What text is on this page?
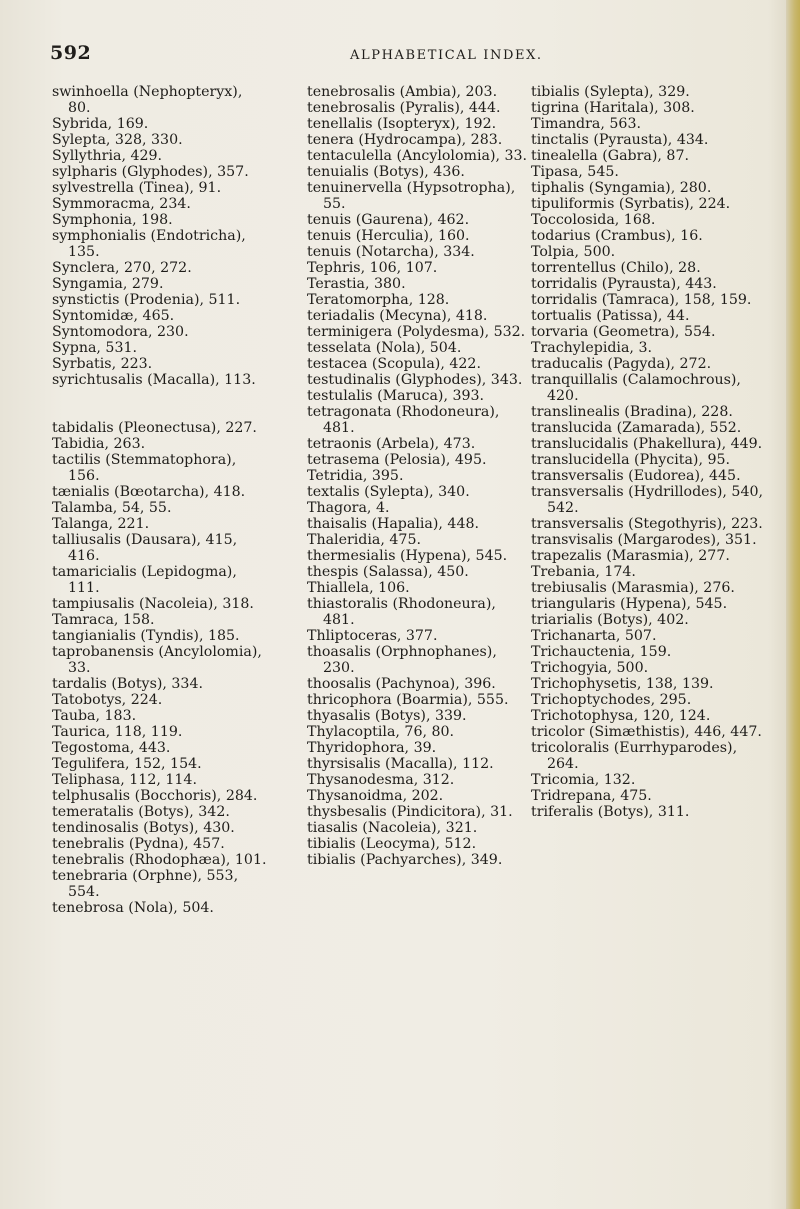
592	ALPHABETICAL INDEX.
swinhoella (Nephopteryx), 80.
Sybrida, 169.
Sylepta, 328, 330.
Syllythria, 429.
sylpharis (Glyphodes), 357.
sylvestrella (Tinea), 91.
Symmoracma, 234.
Symphonia, 198.
symphonialis (Endotricha), 135.
Synclera, 270, 272.
Syngamia, 279.
synstictis (Prodenia), 511.
Syntomidæ, 465.
Syntomodora, 230.
Sypna, 531.
Syrbatis, 223.
syrichtusalis (Macalla), 113.
tabidalis (Pleonectusa), 227.
Tabidia, 263.
tactilis (Stemmatophora), 156.
tænialis (Bœotarcha), 418.
Talamba, 54, 55.
Talanga, 221.
talliusalis (Dausara), 415, 416.
tamaricialis (Lepidogma), 111.
tampiusalis (Nacoleia), 318.
Tamraca, 158.
tangianialis (Tyndis), 185.
taprobanensis (Ancylolomia), 33.
tardalis (Botys), 334.
Tatobotys, 224.
Tauba, 183.
Taurica, 118, 119.
Tegostoma, 443.
Tegulifera, 152, 154.
Teliphasa, 112, 114.
telphusalis (Bocchoris), 284.
temeratalis (Botys), 342.
tendinosalis (Botys), 430.
tenebralis (Pydna), 457.
tenebralis (Rhodophæa), 101.
tenebraria (Orphne), 553, 554.
tenebrosa (Nola), 504.
tenebrosalis (Ambia), 203.
tenebrosalis (Pyralis), 444.
tenellalis (Isopteryx), 192.
tenera (Hydrocampa), 283.
tentaculella (Ancylolomia), 33.
tenuialis (Botys), 436.
tenuinervella (Hypsotropha), 55.
tenuis (Gaurena), 462.
tenuis (Herculia), 160.
tenuis (Notarcha), 334.
Tephris, 106, 107.
Terastia, 380.
Teratomorpha, 128.
teriadalis (Mecyna), 418.
terminigera (Polydesma), 532.
tesselata (Nola), 504.
testacea (Scopula), 422.
testudinalis (Glyphodes), 343.
testulalis (Maruca), 393.
tetragonata (Rhodoneura), 481.
tetraonis (Arbela), 473.
tetrasema (Pelosia), 495.
Tetridia, 395.
textalis (Sylepta), 340.
Thagora, 4.
thaisalis (Hapalia), 448.
Thaleridia, 475.
thermesialis (Hypena), 545.
thespis (Salassa), 450.
Thiallela, 106.
thiastoralis (Rhodoneura), 481.
Thliptoceras, 377.
thoasalis (Orphnophanes), 230.
thoosalis (Pachynoa), 396.
thricophora (Boarmia), 555.
thyasalis (Botys), 339.
Thylacoptila, 76, 80.
Thyridophora, 39.
thyrsisalis (Macalla), 112.
Thysanodesma, 312.
Thysanoidma, 202.
thysbesalis (Pindicitora), 31.
tiasalis (Nacoleia), 321.
tibialis (Leocyma), 512.
tibialis (Pachyarches), 349.
tibialis (Sylepta), 329.
tigrina (Haritala), 308.
Timandra, 563.
tinctalis (Pyrausta), 434.
tinealella (Gabra), 87.
Tipasa, 545.
tiphalis (Syngamia), 280.
tipuliformis (Syrbatis), 224.
Toccolosida, 168.
todarius (Crambus), 16.
Tolpia, 500.
torrentellus (Chilo), 28.
torridalis (Pyrausta), 443.
torridalis (Tamraca), 158, 159.
tortualis (Patissa), 44.
torvaria (Geometra), 554.
Trachylepidia, 3.
traducalis (Pagyda), 272.
tranquillalis (Calamochrous), 420.
translinealis (Bradina), 228.
translucida (Zamarada), 552.
translucidalis (Phakellura), 449.
translucidella (Phycita), 95.
transversalis (Eudorea), 445.
transversalis (Hydrillodes), 540, 542.
transversalis (Stegothyris), 223.
transvisalis (Margarodes), 351.
trapezalis (Marasmia), 277.
Trebania, 174.
trebiusalis (Marasmia), 276.
triangularis (Hypena), 545.
triarialis (Botys), 402.
Trichanarta, 507.
Trichauctenia, 159.
Trichogyia, 500.
Trichophysetis, 138, 139.
Trichoptychodes, 295.
Trichotophysa, 120, 124.
tricolor (Simæthistis), 446, 447.
tricoloralis (Eurrhyparodes), 264.
Tricomia, 132.
Tridrepana, 475.
triferalis (Botys), 311.
